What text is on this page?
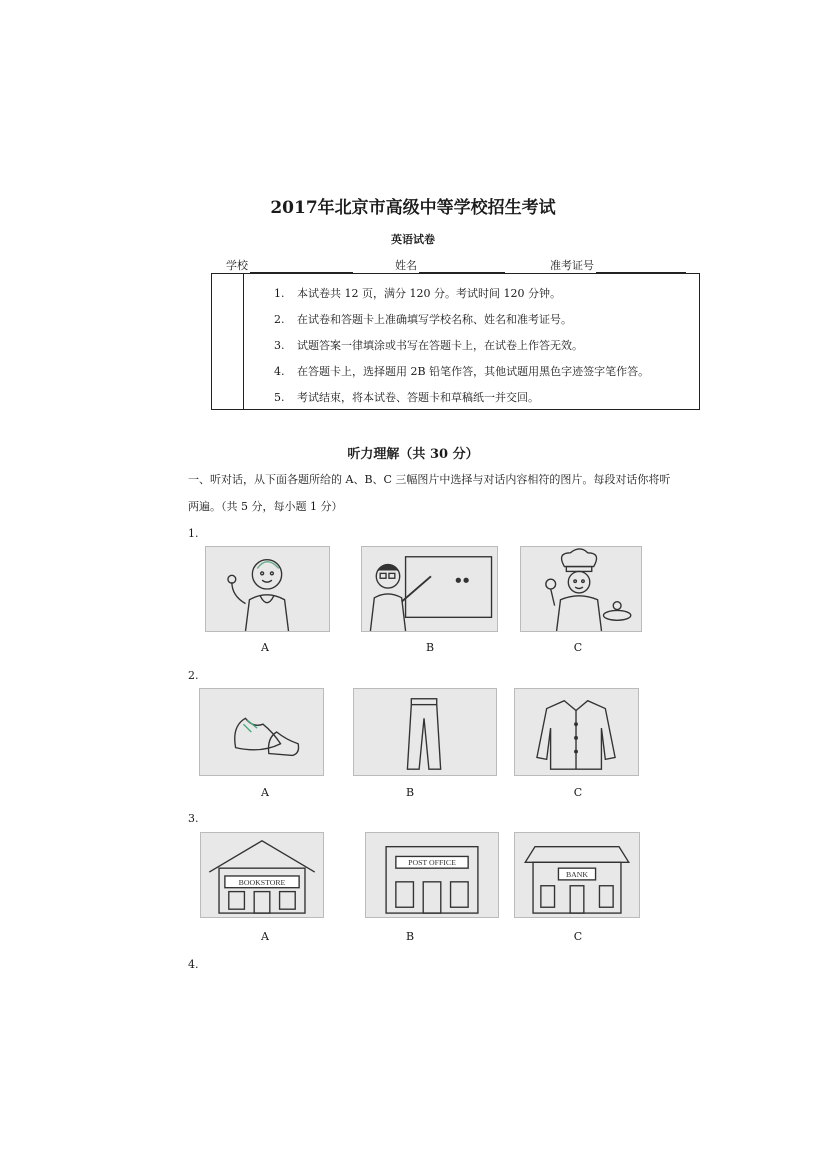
2017年北京市高级中等学校招生考试
英语试卷
学校	姓名	准考证号
1. 本试卷共 12 页，满分 120 分。考试时间 120 分钟。
2. 在试卷和答题卡上准确填写学校名称、姓名和准考证号。
3. 试题答案一律填涂或书写在答题卡上，在试卷上作答无效。
4. 在答题卡上，选择题用 2B 铅笔作答，其他试题用黑色字迹签字笔作答。
5. 考试结束，将本试卷、答题卡和草稿纸一并交回。
听力理解（共 30 分）
一、听对话，从下面各题所给的 A、B、C 三幅图片中选择与对话内容相符的图片。每段对话你将听
两遍。（共 5 分，每小题 1 分）
1.
A	B	C
2.
A	B	C
3.
BOOKSTORE
POST OFFICE
BANK
A	B	C
4.
